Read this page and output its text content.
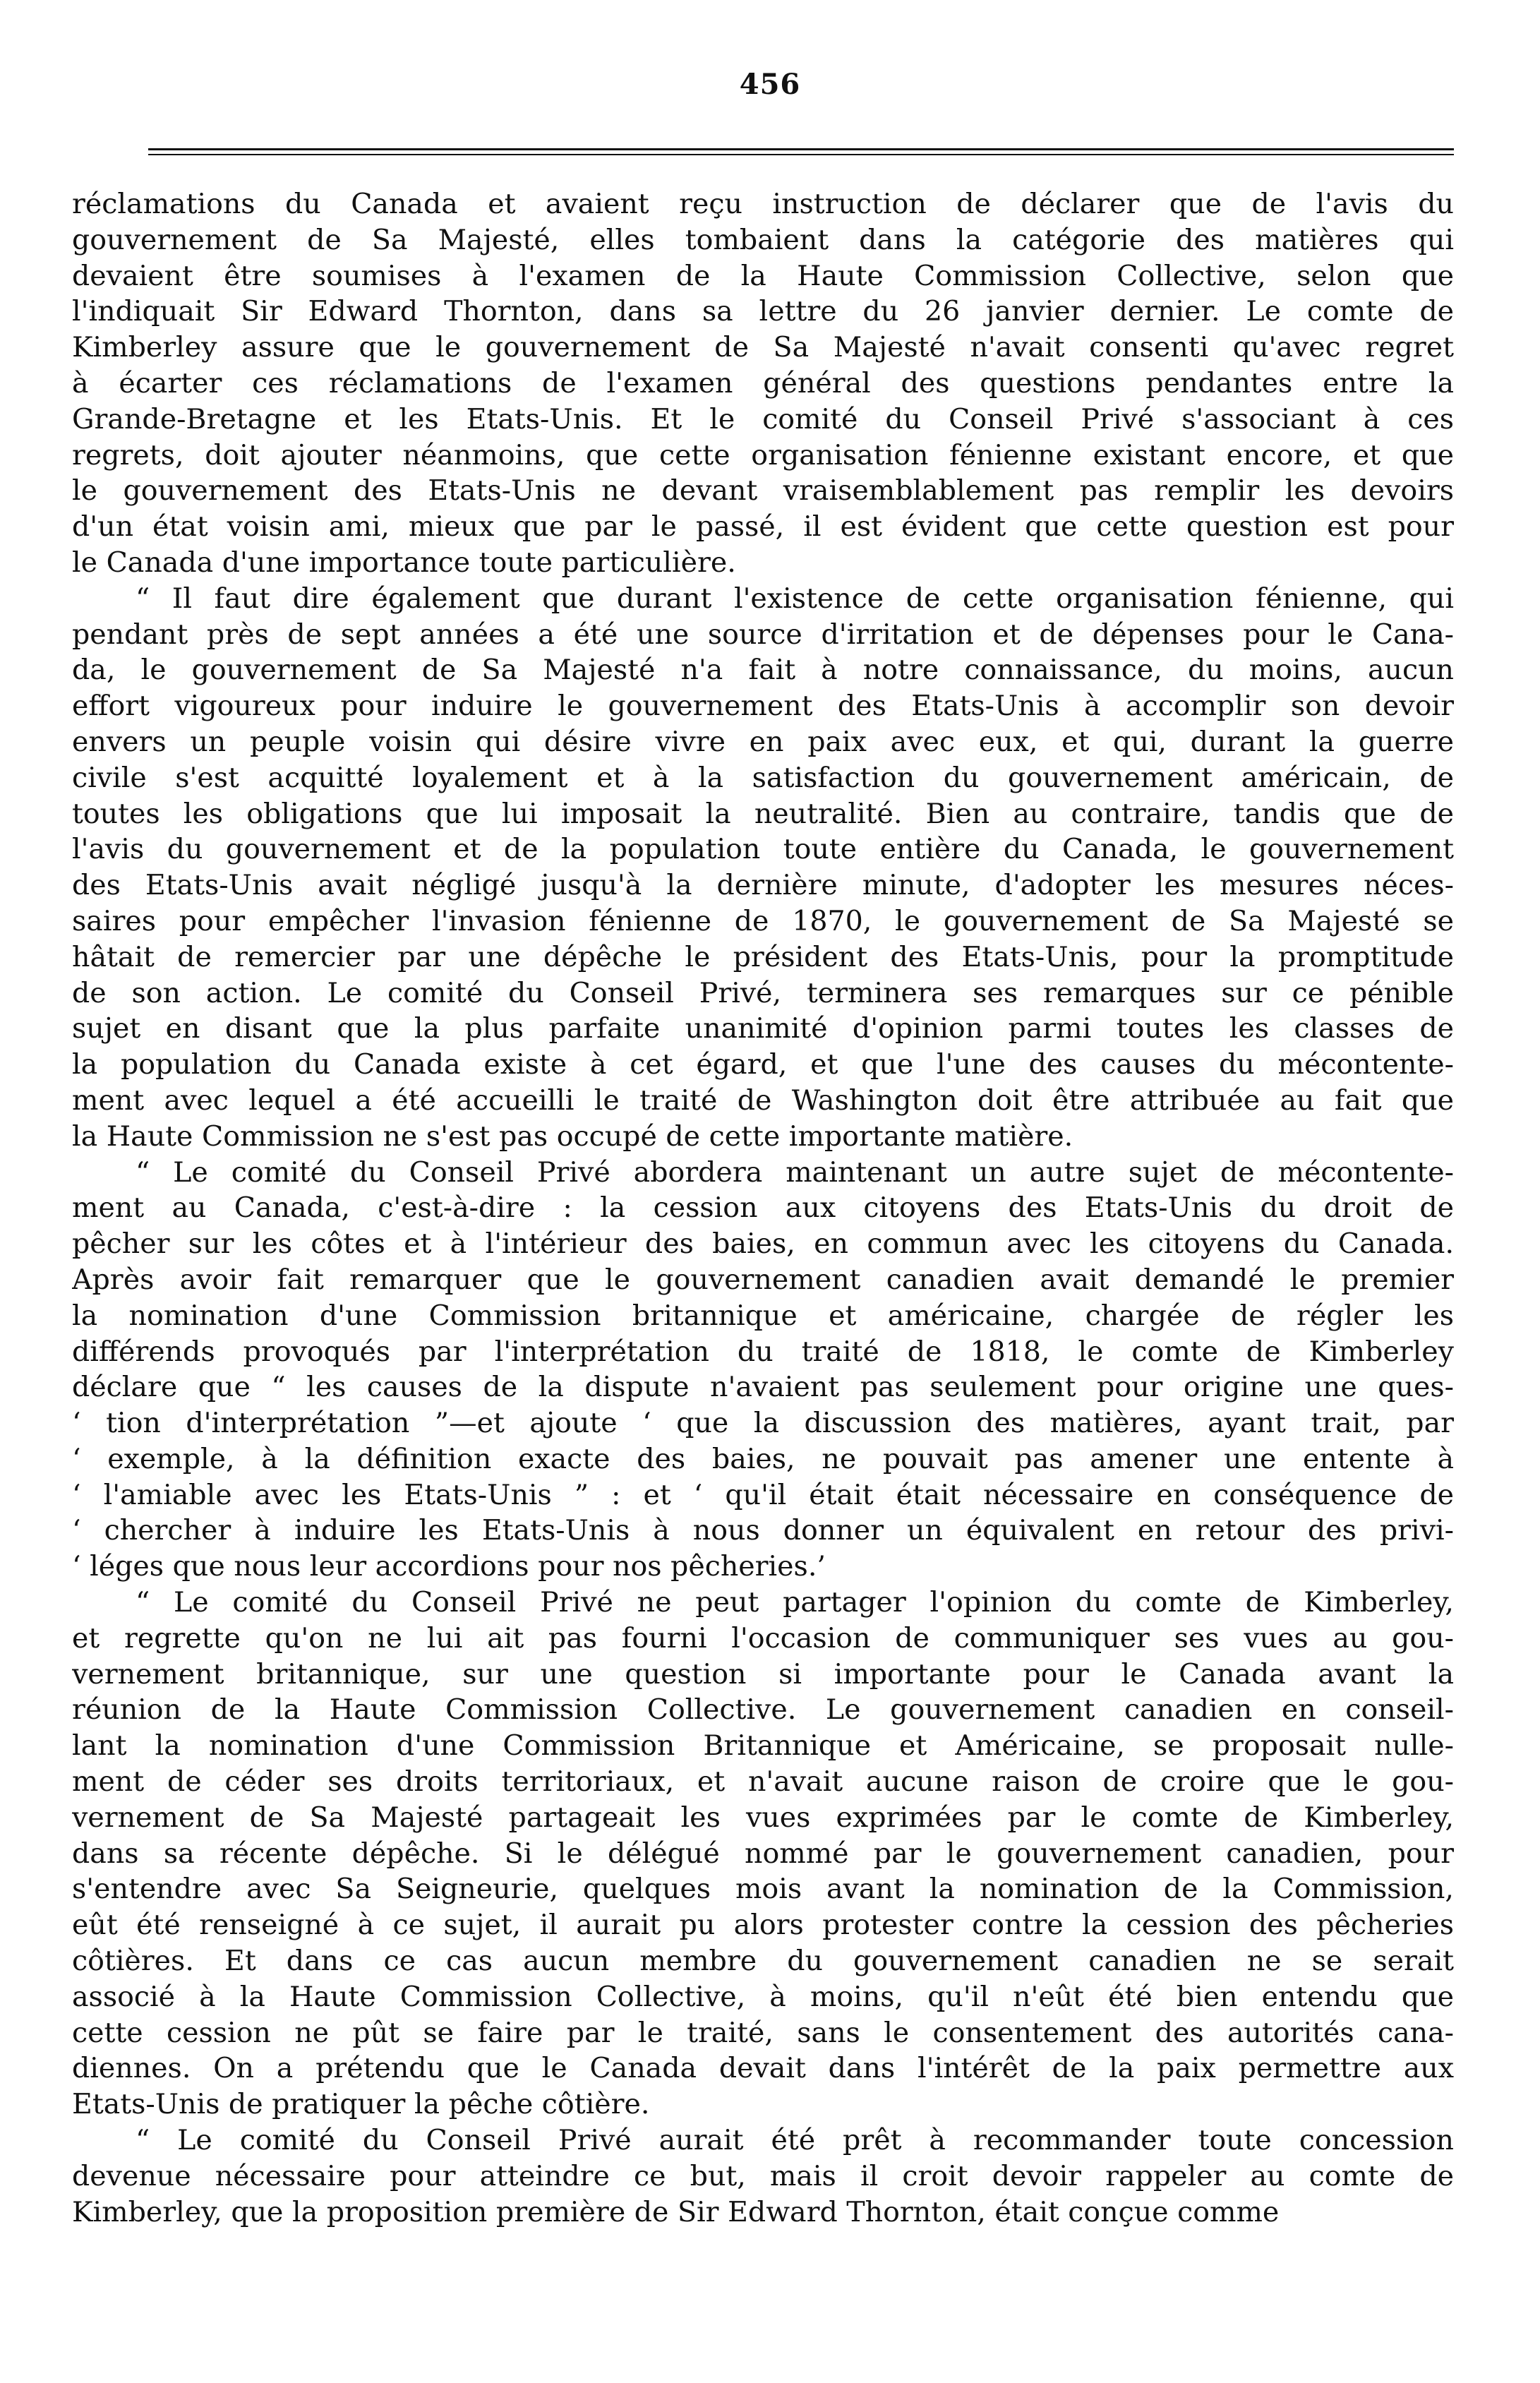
456
réclamations du Canada et avaient reçu instruction de déclarer que de l'avis du
gouvernement de Sa Majesté, elles tombaient dans la catégorie des matières qui
devaient être soumises à l'examen de la Haute Commission Collective, selon que
l'indiquait Sir Edward Thornton, dans sa lettre du 26 janvier dernier. Le comte de
Kimberley assure que le gouvernement de Sa Majesté n'avait consenti qu'avec regret
à écarter ces réclamations de l'examen général des questions pendantes entre la
Grande-Bretagne et les Etats-Unis. Et le comité du Conseil Privé s'associant à ces
regrets, doit ajouter néanmoins, que cette organisation fénienne existant encore, et que
le gouvernement des Etats-Unis ne devant vraisemblablement pas remplir les devoirs
d'un état voisin ami, mieux que par le passé, il est évident que cette question est pour
le Canada d'une importance toute particulière.
“ Il faut dire également que durant l'existence de cette organisation fénienne, qui
pendant près de sept années a été une source d'irritation et de dépenses pour le Cana-
da, le gouvernement de Sa Majesté n'a fait à notre connaissance, du moins, aucun
effort vigoureux pour induire le gouvernement des Etats-Unis à accomplir son devoir
envers un peuple voisin qui désire vivre en paix avec eux, et qui, durant la guerre
civile s'est acquitté loyalement et à la satisfaction du gouvernement américain, de
toutes les obligations que lui imposait la neutralité. Bien au contraire, tandis que de
l'avis du gouvernement et de la population toute entière du Canada, le gouvernement
des Etats-Unis avait négligé jusqu'à la dernière minute, d'adopter les mesures néces-
saires pour empêcher l'invasion fénienne de 1870, le gouvernement de Sa Majesté se
hâtait de remercier par une dépêche le président des Etats-Unis, pour la promptitude
de son action. Le comité du Conseil Privé, terminera ses remarques sur ce pénible
sujet en disant que la plus parfaite unanimité d'opinion parmi toutes les classes de
la population du Canada existe à cet égard, et que l'une des causes du mécontente-
ment avec lequel a été accueilli le traité de Washington doit être attribuée au fait que
la Haute Commission ne s'est pas occupé de cette importante matière.
“ Le comité du Conseil Privé abordera maintenant un autre sujet de mécontente-
ment au Canada, c'est-à-dire : la cession aux citoyens des Etats-Unis du droit de
pêcher sur les côtes et à l'intérieur des baies, en commun avec les citoyens du Canada.
Après avoir fait remarquer que le gouvernement canadien avait demandé le premier
la nomination d'une Commission britannique et américaine, chargée de régler les
différends provoqués par l'interprétation du traité de 1818, le comte de Kimberley
déclare que “ les causes de la dispute n'avaient pas seulement pour origine une ques-
‘ tion d'interprétation ”—et ajoute ‘ que la discussion des matières, ayant trait, par
‘ exemple, à la définition exacte des baies, ne pouvait pas amener une entente à
‘ l'amiable avec les Etats-Unis ” : et ‘ qu'il était était nécessaire en conséquence de
‘ chercher à induire les Etats-Unis à nous donner un équivalent en retour des privi-
‘ léges que nous leur accordions pour nos pêcheries.’
“ Le comité du Conseil Privé ne peut partager l'opinion du comte de Kimberley,
et regrette qu'on ne lui ait pas fourni l'occasion de communiquer ses vues au gou-
vernement britannique, sur une question si importante pour le Canada avant la
réunion de la Haute Commission Collective. Le gouvernement canadien en conseil-
lant la nomination d'une Commission Britannique et Américaine, se proposait nulle-
ment de céder ses droits territoriaux, et n'avait aucune raison de croire que le gou-
vernement de Sa Majesté partageait les vues exprimées par le comte de Kimberley,
dans sa récente dépêche. Si le délégué nommé par le gouvernement canadien, pour
s'entendre avec Sa Seigneurie, quelques mois avant la nomination de la Commission,
eût été renseigné à ce sujet, il aurait pu alors protester contre la cession des pêcheries
côtières. Et dans ce cas aucun membre du gouvernement canadien ne se serait
associé à la Haute Commission Collective, à moins, qu'il n'eût été bien entendu que
cette cession ne pût se faire par le traité, sans le consentement des autorités cana-
diennes. On a prétendu que le Canada devait dans l'intérêt de la paix permettre aux
Etats-Unis de pratiquer la pêche côtière.
“ Le comité du Conseil Privé aurait été prêt à recommander toute concession
devenue nécessaire pour atteindre ce but, mais il croit devoir rappeler au comte de
Kimberley, que la proposition première de Sir Edward Thornton, était conçue comme
